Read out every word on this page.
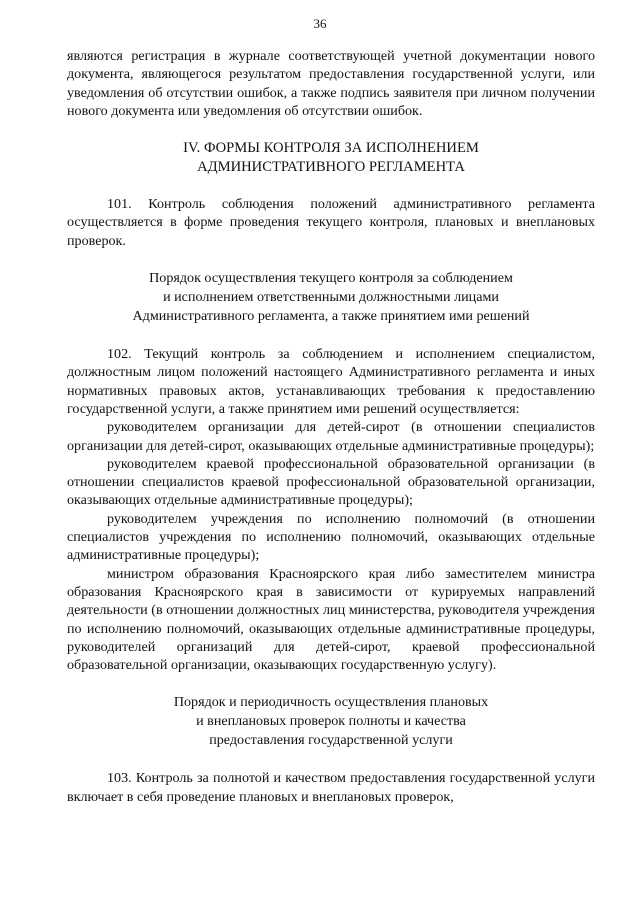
36

являются регистрация в журнале соответствующей учетной документации нового документа, являющегося результатом предоставления государственной услуги, или уведомления об отсутствии ошибок, а также подпись заявителя при личном получении нового документа или уведомления об отсутствии ошибок.

IV. ФОРМЫ КОНТРОЛЯ ЗА ИСПОЛНЕНИЕМ

АДМИНИСТРАТИВНОГО РЕГЛАМЕНТА

101. Контроль соблюдения положений административного регламента осуществляется в форме проведения текущего контроля, плановых и внеплановых проверок.

Порядок осуществления текущего контроля за соблюдением

и исполнением ответственными должностными лицами

Административного регламента, а также принятием ими решений

102. Текущий контроль за соблюдением и исполнением специалистом, должностным лицом положений настоящего Административного регламента и иных нормативных правовых актов, устанавливающих требования к предоставлению государственной услуги, а также принятием ими решений осуществляется:

руководителем организации для детей-сирот (в отношении специалистов организации для детей-сирот, оказывающих отдельные административные процедуры);

руководителем краевой профессиональной образовательной организации (в отношении специалистов краевой профессиональной образовательной организации, оказывающих отдельные административные процедуры);

руководителем учреждения по исполнению полномочий (в отношении специалистов учреждения по исполнению полномочий, оказывающих отдельные административные процедуры);

министром образования Красноярского края либо заместителем министра образования Красноярского края в зависимости от курируемых направлений деятельности (в отношении должностных лиц министерства, руководителя учреждения по исполнению полномочий, оказывающих отдельные административные процедуры, руководителей организаций для детей-сирот, краевой профессиональной образовательной организации, оказывающих государственную услугу).

Порядок и периодичность осуществления плановых

и внеплановых проверок полноты и качества

предоставления государственной услуги

103. Контроль за полнотой и качеством предоставления государственной услуги включает в себя проведение плановых и внеплановых проверок,
